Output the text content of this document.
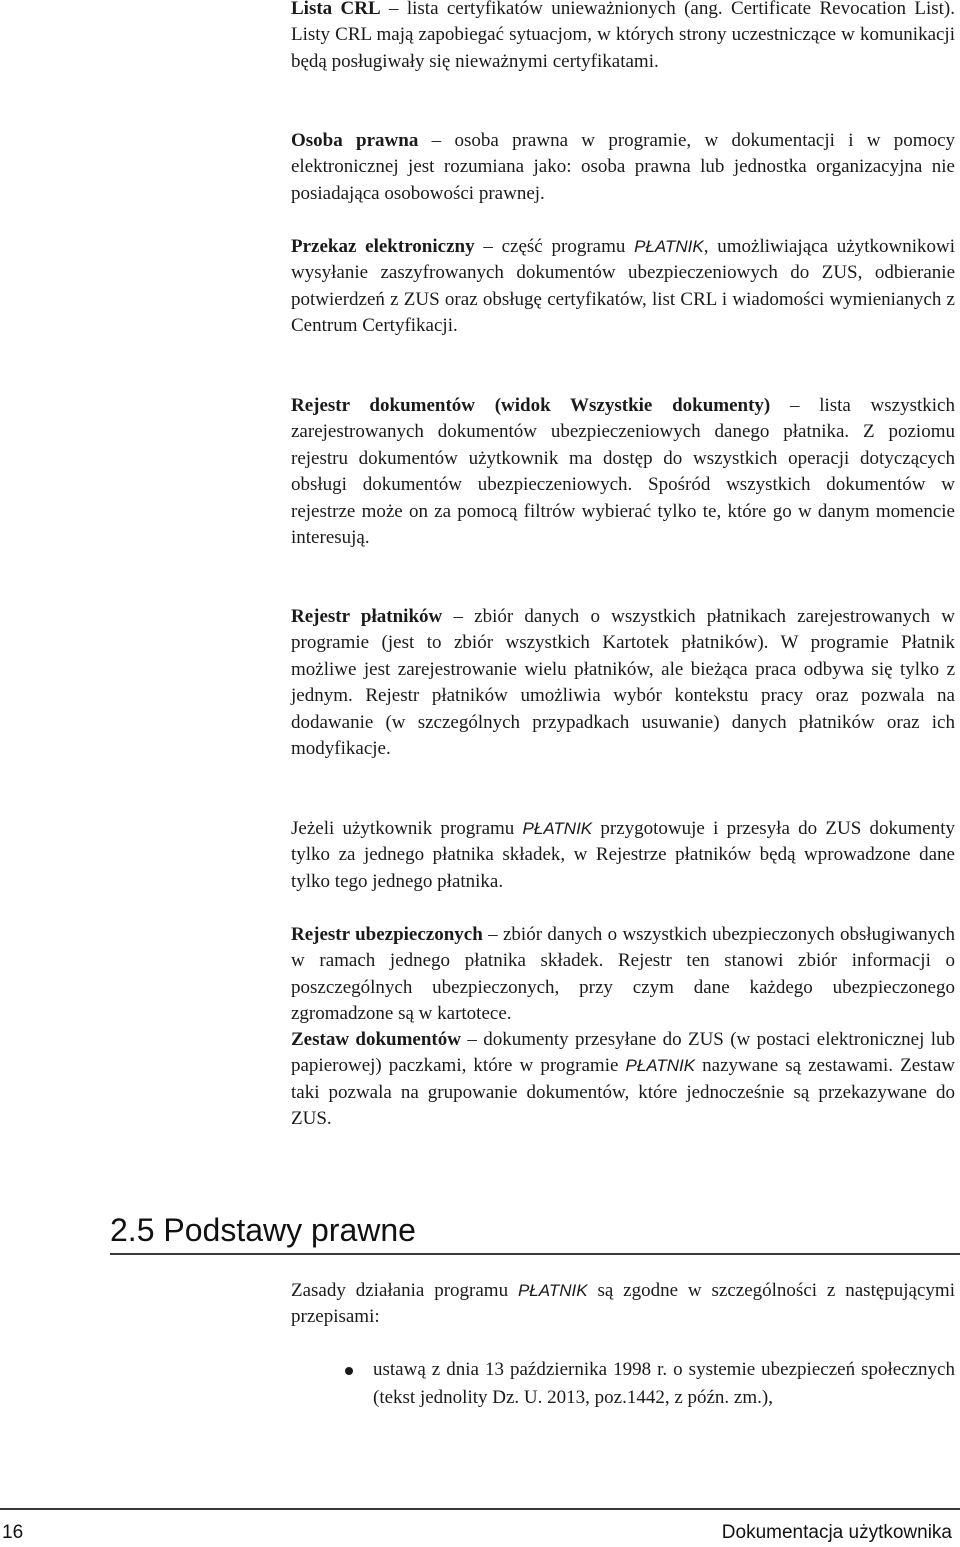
Lista CRL – lista certyfikatów unieważnionych (ang. Certificate Revocation List). Listy CRL mają zapobiegać sytuacjom, w których strony uczestniczące w komunikacji będą posługiwały się nieważnymi certyfikatami.

Osoba prawna – osoba prawna w programie, w dokumentacji i w pomocy elektronicznej jest rozumiana jako: osoba prawna lub jednostka organizacyjna nie posiadająca osobowości prawnej.

Przekaz elektroniczny – część programu PŁATNIK, umożliwiająca użytkownikowi wysyłanie zaszyfrowanych dokumentów ubezpieczeniowych do ZUS, odbieranie potwierdzeń z ZUS oraz obsługę certyfikatów, list CRL i wiadomości wymienianych z Centrum Certyfikacji.

Rejestr dokumentów (widok Wszystkie dokumenty) – lista wszystkich zarejestrowanych dokumentów ubezpieczeniowych danego płatnika. Z poziomu rejestru dokumentów użytkownik ma dostęp do wszystkich operacji dotyczących obsługi dokumentów ubezpieczeniowych. Spośród wszystkich dokumentów w rejestrze może on za pomocą filtrów wybierać tylko te, które go w danym momencie interesują.

Rejestr płatników – zbiór danych o wszystkich płatnikach zarejestrowanych w programie (jest to zbiór wszystkich Kartotek płatników). W programie Płatnik możliwe jest zarejestrowanie wielu płatników, ale bieżąca praca odbywa się tylko z jednym. Rejestr płatników umożliwia wybór kontekstu pracy oraz pozwala na dodawanie (w szczególnych przypadkach usuwanie) danych płatników oraz ich modyfikacje.

Jeżeli użytkownik programu PŁATNIK przygotowuje i przesyła do ZUS dokumenty tylko za jednego płatnika składek, w Rejestrze płatników będą wprowadzone dane tylko tego jednego płatnika.

Rejestr ubezpieczonych – zbiór danych o wszystkich ubezpieczonych obsługiwanych w ramach jednego płatnika składek. Rejestr ten stanowi zbiór informacji o poszczególnych ubezpieczonych, przy czym dane każdego ubezpieczonego zgromadzone są w kartotece.

Zestaw dokumentów – dokumenty przesyłane do ZUS (w postaci elektronicznej lub papierowej) paczkami, które w programie PŁATNIK nazywane są zestawami. Zestaw taki pozwala na grupowanie dokumentów, które jednocześnie są przekazywane do ZUS.

2.5 Podstawy prawne

Zasady działania programu PŁATNIK są zgodne w szczególności z następującymi przepisami:

ustawą z dnia 13 października 1998 r. o systemie ubezpieczeń społecznych (tekst jednolity Dz. U. 2013, poz.1442, z późn. zm.),
16	Dokumentacja użytkownika
